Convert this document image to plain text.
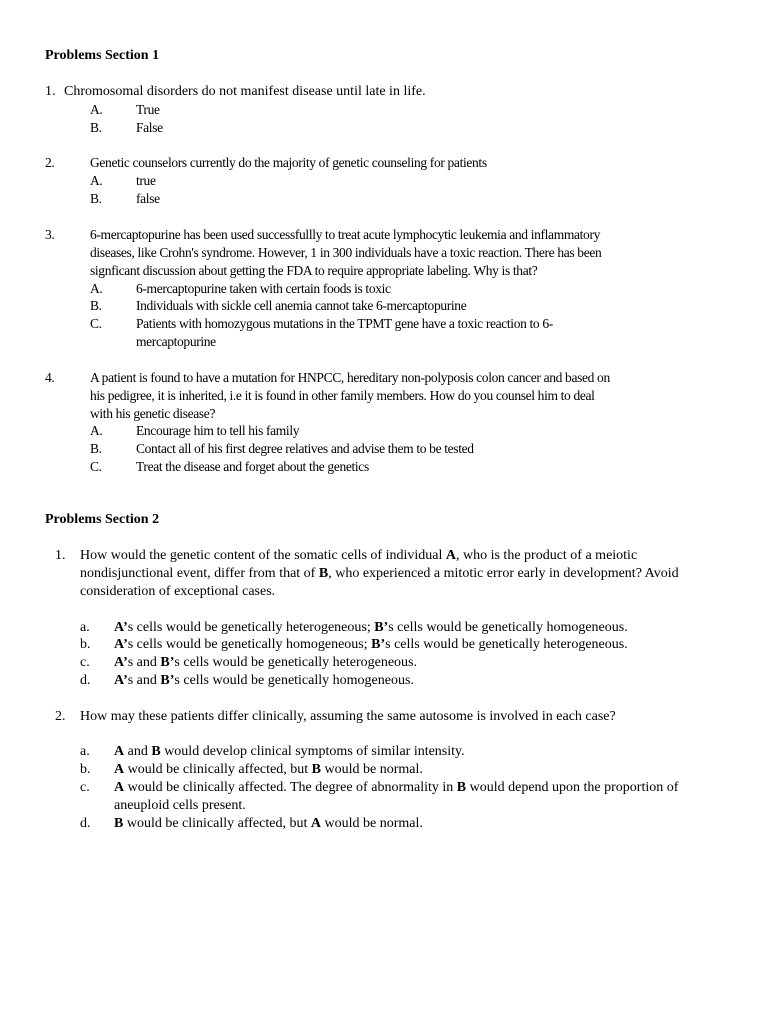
Problems Section 1
1. Chromosomal disorders do not manifest disease until late in life.
A. True
B.	False
2.	Genetic counselors currently do the majority of genetic counseling for patients
A. true
B.	false
3.	6-mercaptopurine has been used successfullly to treat acute lymphocytic leukemia and inflammatory
diseases, like Crohn's syndrome. However, 1 in 300 individuals have a toxic reaction. There has been
signficant discussion about getting the FDA to require appropriate labeling. Why is that?
A. 6-mercaptopurine taken with certain foods is toxic
B.	Individuals with sickle cell anemia cannot take 6-mercaptopurine
C.	Patients with homozygous mutations in the TPMT gene have a toxic reaction to 6-
mercaptopurine
4.	A patient is found to have a mutation for HNPCC, hereditary non-polyposis colon cancer and based on
his pedigree, it is inherited, i.e it is found in other family members. How do you counsel him to deal
with his genetic disease?
A. Encourage him to tell his family
B.	Contact all of his first degree relatives and advise them to be tested
C.	Treat the disease and forget about the genetics
Problems Section 2
1. How would the genetic content of the somatic cells of individual A, who is the product of a meiotic
nondisjunctional event, differ from that of B, who experienced a mitotic error early in development? Avoid
consideration of exceptional cases.
a. A’s cells would be genetically heterogeneous; B’s cells would be genetically homogeneous.
b. A’s cells would be genetically homogeneous; B’s cells would be genetically heterogeneous.
c. A’s and B’s cells would be genetically heterogeneous.
d. A’s and B’s cells would be genetically homogeneous.
2. How may these patients differ clinically, assuming the same autosome is involved in each case?
a. A and B would develop clinical symptoms of similar intensity.
b. A would be clinically affected, but B would be normal.
c. A would be clinically affected. The degree of abnormality in B would depend upon the proportion of
aneuploid cells present.
d. B would be clinically affected, but A would be normal.
